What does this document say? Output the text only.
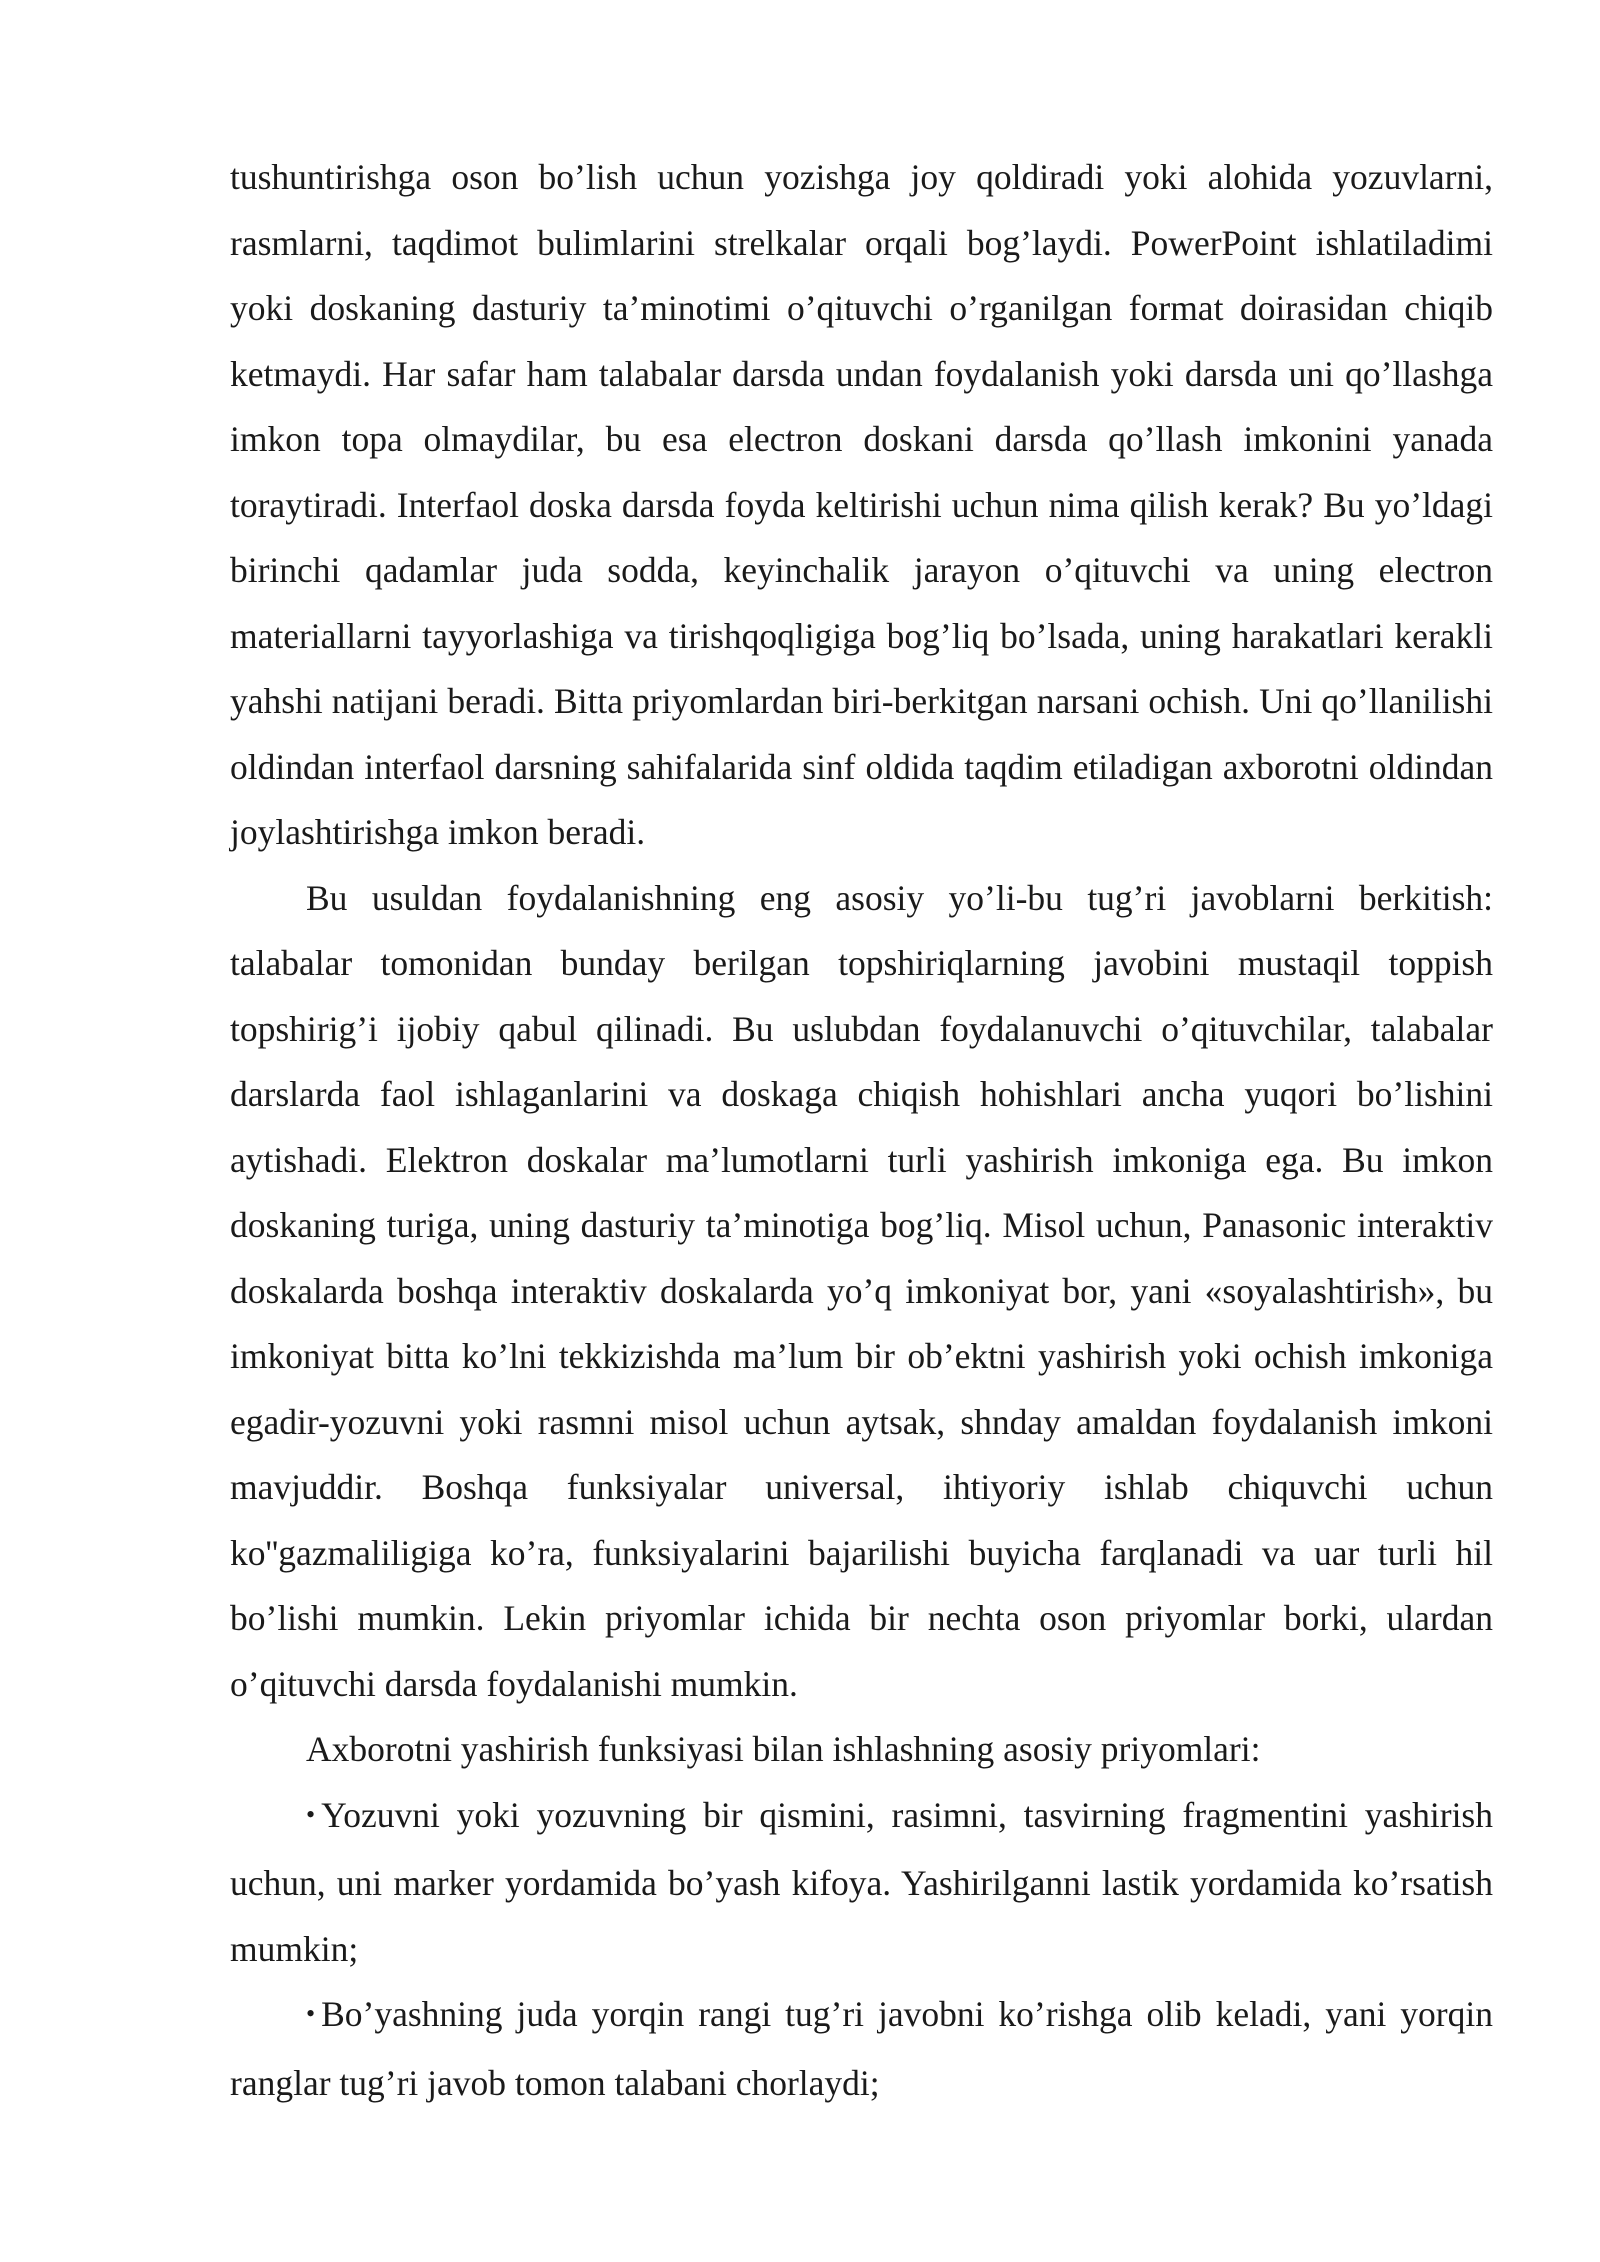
tushuntirishga oson bo’lish uchun yozishga joy qoldiradi yoki alohida yozuvlarni, rasmlarni, taqdimot bulimlarini strelkalar orqali bog’laydi. PowerPoint ishlatiladimi yoki doskaning dasturiy ta’minotimi o’qituvchi o’rganilgan format doirasidan chiqib ketmaydi. Har safar ham talabalar darsda undan foydalanish yoki darsda uni qo’llashga imkon topa olmaydilar, bu esa electron doskani darsda qo’llash imkonini yanada toraytiradi. Interfaol doska darsda foyda keltirishi uchun nima qilish kerak? Bu yo’ldagi birinchi qadamlar juda sodda, keyinchalik jarayon o’qituvchi va uning electron materiallarni tayyorlashiga va tirishqoqligiga bog’liq bo’lsada, uning harakatlari kerakli yahshi natijani beradi. Bitta priyomlardan biri-berkitgan narsani ochish. Uni qo’llanilishi oldindan interfaol darsning sahifalarida sinf oldida taqdim etiladigan axborotni oldindan joylashtirishga imkon beradi.

Bu usuldan foydalanishning eng asosiy yo’li-bu tug’ri javoblarni berkitish: talabalar tomonidan bunday berilgan topshiriqlarning javobini mustaqil toppish topshirig’i ijobiy qabul qilinadi. Bu uslubdan foydalanuvchi o’qituvchilar, talabalar darslarda faol ishlaganlarini va doskaga chiqish hohishlari ancha yuqori bo’lishini aytishadi. Elektron doskalar ma’lumotlarni turli yashirish imkoniga ega. Bu imkon doskaning turiga, uning dasturiy ta’minotiga bog’liq. Misol uchun, Panasonic interaktiv doskalarda boshqa interaktiv doskalarda yo’q imkoniyat bor, yani «soyalashtirish», bu imkoniyat bitta ko’lni tekkizishda ma’lum bir ob’ektni yashirish yoki ochish imkoniga egadir-yozuvni yoki rasmni misol uchun aytsak, shnday amaldan foydalanish imkoni mavjuddir. Boshqa funksiyalar universal, ihtiyoriy ishlab chiquvchi uchun ko''gazmaliligiga ko’ra, funksiyalarini bajarilishi buyicha farqlanadi va uar turli hil bo’lishi mumkin. Lekin priyomlar ichida bir nechta oson priyomlar borki, ulardan o’qituvchi darsda foydalanishi mumkin.

Axborotni yashirish funksiyasi bilan ishlashning asosiy priyomlari:

• Yozuvni yoki yozuvning bir qismini, rasimni, tasvirning fragmentini yashirish uchun, uni marker yordamida bo’yash kifoya. Yashirilganni lastik yordamida ko’rsatish mumkin;

• Bo’yashning juda yorqin rangi tug’ri javobni ko’rishga olib keladi, yani yorqin ranglar tug’ri javob tomon talabani chorlaydi;
